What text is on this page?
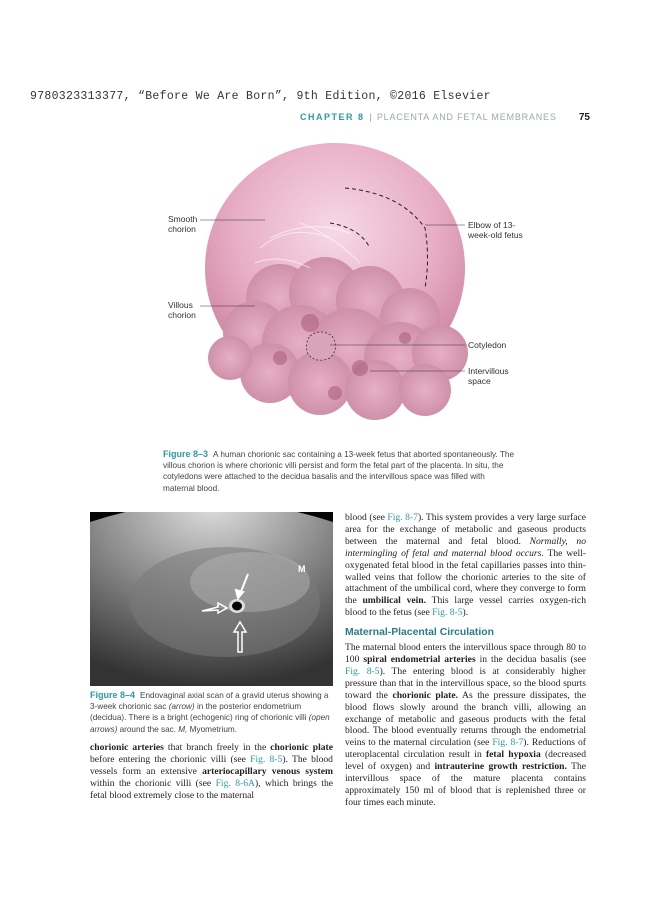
9780323313377, “Before We Are Born”, 9th Edition, ©2016 Elsevier
CHAPTER 8 | PLACENTA AND FETAL MEMBRANES 75
Smooth chorion
Villous chorion
Elbow of 13-week-old fetus
Cotyledon
Intervillous space
Figure 8–3 A human chorionic sac containing a 13-week fetus that aborted spontaneously. The villous chorion is where chorionic villi persist and form the fetal part of the placenta. In situ, the cotyledons were attached to the decidua basalis and the intervillous space was filled with maternal blood.
M
Figure 8–4 Endovaginal axial scan of a gravid uterus showing a 3-week chorionic sac (arrow) in the posterior endometrium (decidua). There is a bright (echogenic) ring of chorionic villi (open arrows) around the sac. M, Myometrium.

chorionic arteries that branch freely in the chorionic plate before entering the chorionic villi (see Fig. 8-5). The blood vessels form an extensive arteriocapillary venous system within the chorionic villi (see Fig. 8-6A), which brings the fetal blood extremely close to the maternal

blood (see Fig. 8-7). This system provides a very large surface area for the exchange of metabolic and gaseous products between the maternal and fetal blood. Normally, no intermingling of fetal and maternal blood occurs. The well-oxygenated fetal blood in the fetal capillaries passes into thin-walled veins that follow the chorionic arteries to the site of attachment of the umbilical cord, where they converge to form the umbilical vein. This large vessel carries oxygen-rich blood to the fetus (see Fig. 8-5).

Maternal-Placental Circulation

The maternal blood enters the intervillous space through 80 to 100 spiral endometrial arteries in the decidua basalis (see Fig. 8-5). The entering blood is at considerably higher pressure than that in the intervillous space, so the blood spurts toward the chorionic plate. As the pressure dissipates, the blood flows slowly around the branch villi, allowing an exchange of metabolic and gaseous products with the fetal blood. The blood eventually returns through the endometrial veins to the maternal circulation (see Fig. 8-7). Reductions of uteroplacental circulation result in fetal hypoxia (decreased level of oxygen) and intrauterine growth restriction. The intervillous space of the mature placenta contains approximately 150 ml of blood that is replenished three or four times each minute.
